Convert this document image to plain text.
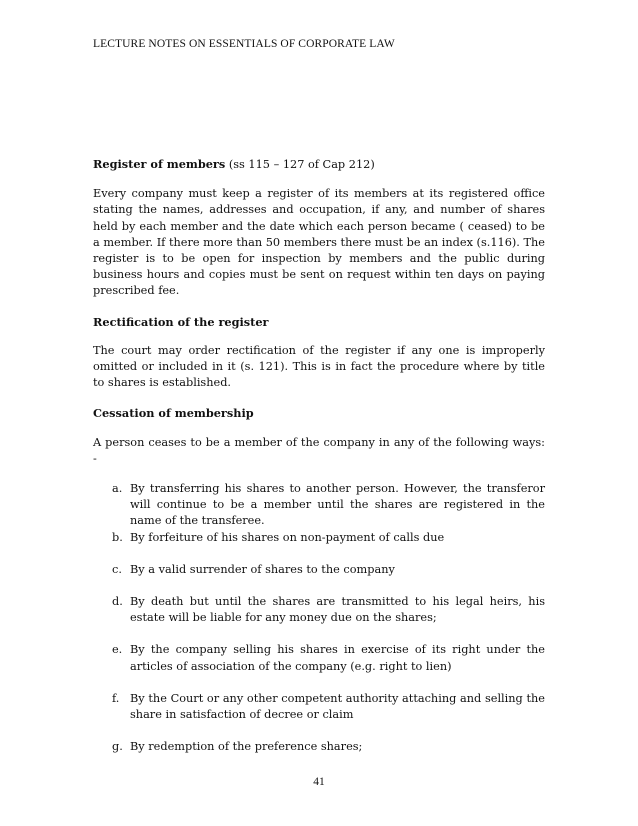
LECTURE NOTES ON ESSENTIALS OF CORPORATE LAW

Register of members (ss 115 – 127 of Cap 212)

Every company must keep a register of its members at its registered office stating the names, addresses and occupation, if any, and number of shares held by each member and the date which each person became ( ceased) to be a member. If there more than 50 members there must be an index (s.116). The register is to be open for inspection by members and the public during business hours and copies must be sent on request within ten days on paying prescribed fee.

Rectification of the register

The court may order rectification of the register if any one is improperly omitted or included in it (s. 121). This is in fact the procedure where by title to shares is established.

Cessation of membership

A person ceases to be a member of the company in any of the following ways: -

a. By transferring his shares to another person. However, the transferor will continue to be a member until the shares are registered in the name of the transferee.
b. By forfeiture of his shares on non-payment of calls due
c. By a valid surrender of shares to the company
d. By death but until the shares are transmitted to his legal heirs, his estate will be liable for any money due on the shares;
e. By the company selling his shares in exercise of its right under the articles of association of the company (e.g. right to lien)
f. By the Court or any other competent authority attaching and selling the share in satisfaction of decree or claim
g. By redemption of the preference shares;
41
